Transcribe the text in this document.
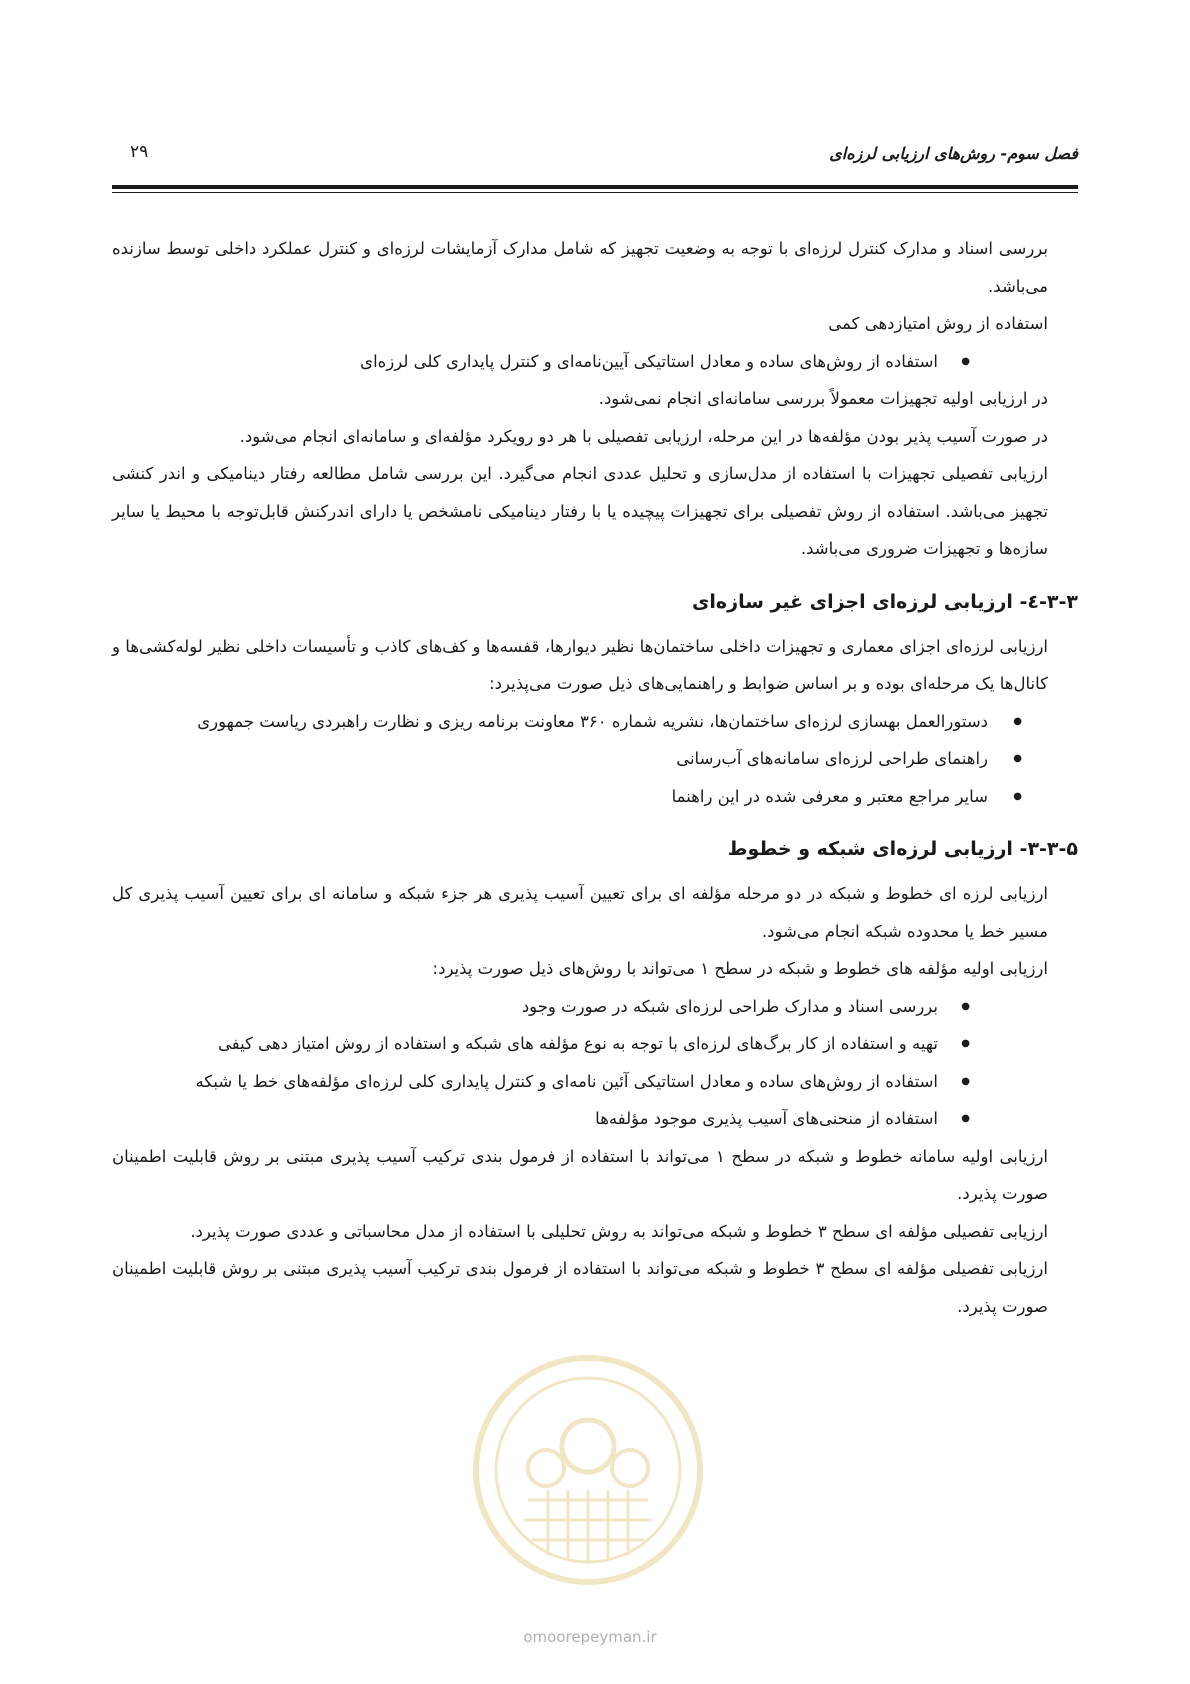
فصل سوم- روش‌های ارزیابی لرزه‌ای
۲۹

بررسی اسناد و مدارک کنترل لرزه‌ای با توجه به وضعیت تجهیز که شامل مدارک آزمایشات لرزه‌ای و کنترل عملکرد داخلی توسط سازنده می‌باشد.

استفاده از روش امتیازدهی کمی

● استفاده از روش‌های ساده و معادل استاتیکی آیین‌نامه‌ای و کنترل پایداری کلی لرزه‌ای

در ارزیابی اولیه تجهیزات معمولاً بررسی سامانه‌ای انجام نمی‌شود.

در صورت آسیب پذیر بودن مؤلفه‌ها در این مرحله، ارزیابی تفصیلی با هر دو رویکرد مؤلفه‌ای و سامانه‌ای انجام می‌شود.

ارزیابی تفصیلی تجهیزات با استفاده از مدل‌سازی و تحلیل عددی انجام می‌گیرد. این بررسی شامل مطالعه رفتار دینامیکی و اندر کنشی تجهیز می‌باشد. استفاده از روش تفصیلی برای تجهیزات پیچیده یا با رفتار دینامیکی نامشخص یا دارای اندرکنش قابل‌توجه با محیط یا سایر سازه‌ها و تجهیزات ضروری می‌باشد.

۳-۳-٤- ارزیابی لرزه‌ای اجزای غیر سازه‌ای

ارزیابی لرزه‌ای اجزای معماری و تجهیزات داخلی ساختمان‌ها نظیر دیوارها، قفسه‌ها و کف‌های کاذب و تأسیسات داخلی نظیر لوله‌کشی‌ها و کانال‌ها یک مرحله‌ای بوده و بر اساس ضوابط و راهنمایی‌های ذیل صورت می‌پذیرد:

● دستورالعمل بهسازی لرزه‌ای ساختمان‌ها، نشریه شماره ۳۶۰ معاونت برنامه ریزی و نظارت راهبردی ریاست جمهوری
● راهنمای طراحی لرزه‌ای سامانه‌های آب‌رسانی
● سایر مراجع معتبر و معرفی شده در این راهنما
۳-۳-۵- ارزیابی لرزه‌ای شبکه و خطوط

ارزیابی لرزه ای خطوط و شبکه در دو مرحله مؤلفه ای برای تعیین آسیب پذیری هر جزء شبکه و سامانه ای برای تعیین آسیب پذیری کل مسیر خط یا محدوده شبکه انجام می‌شود.

ارزیابی اولیه مؤلفه های خطوط و شبکه در سطح ۱ می‌تواند با روش‌های ذیل صورت پذیرد:

● بررسی اسناد و مدارک طراحی لرزه‌ای شبکه در صورت وجود
● تهیه و استفاده از کار برگ‌های لرزه‌ای با توجه به نوع مؤلفه های شبکه و استفاده از روش امتیاز دهی کیفی
● استفاده از روش‌های ساده و معادل استاتیکی آئین نامه‌ای و کنترل پایداری کلی لرزه‌ای مؤلفه‌های خط یا شبکه
● استفاده از منحنی‌های آسیب پذیری موجود مؤلفه‌ها

ارزیابی اولیه سامانه خطوط و شبکه در سطح ۱ می‌تواند با استفاده از فرمول بندی ترکیب آسیب پذیری مبتنی بر روش قابلیت اطمینان صورت پذیرد.

ارزیابی تفصیلی مؤلفه ای سطح ۳ خطوط و شبکه می‌تواند به روش تحلیلی با استفاده از مدل محاسباتی و عددی صورت پذیرد.

ارزیابی تفصیلی مؤلفه ای سطح ۳ خطوط و شبکه می‌تواند با استفاده از فرمول بندی ترکیب آسیب پذیری مبتنی بر روش قابلیت اطمینان صورت پذیرد.

omoorepeyman.ir
